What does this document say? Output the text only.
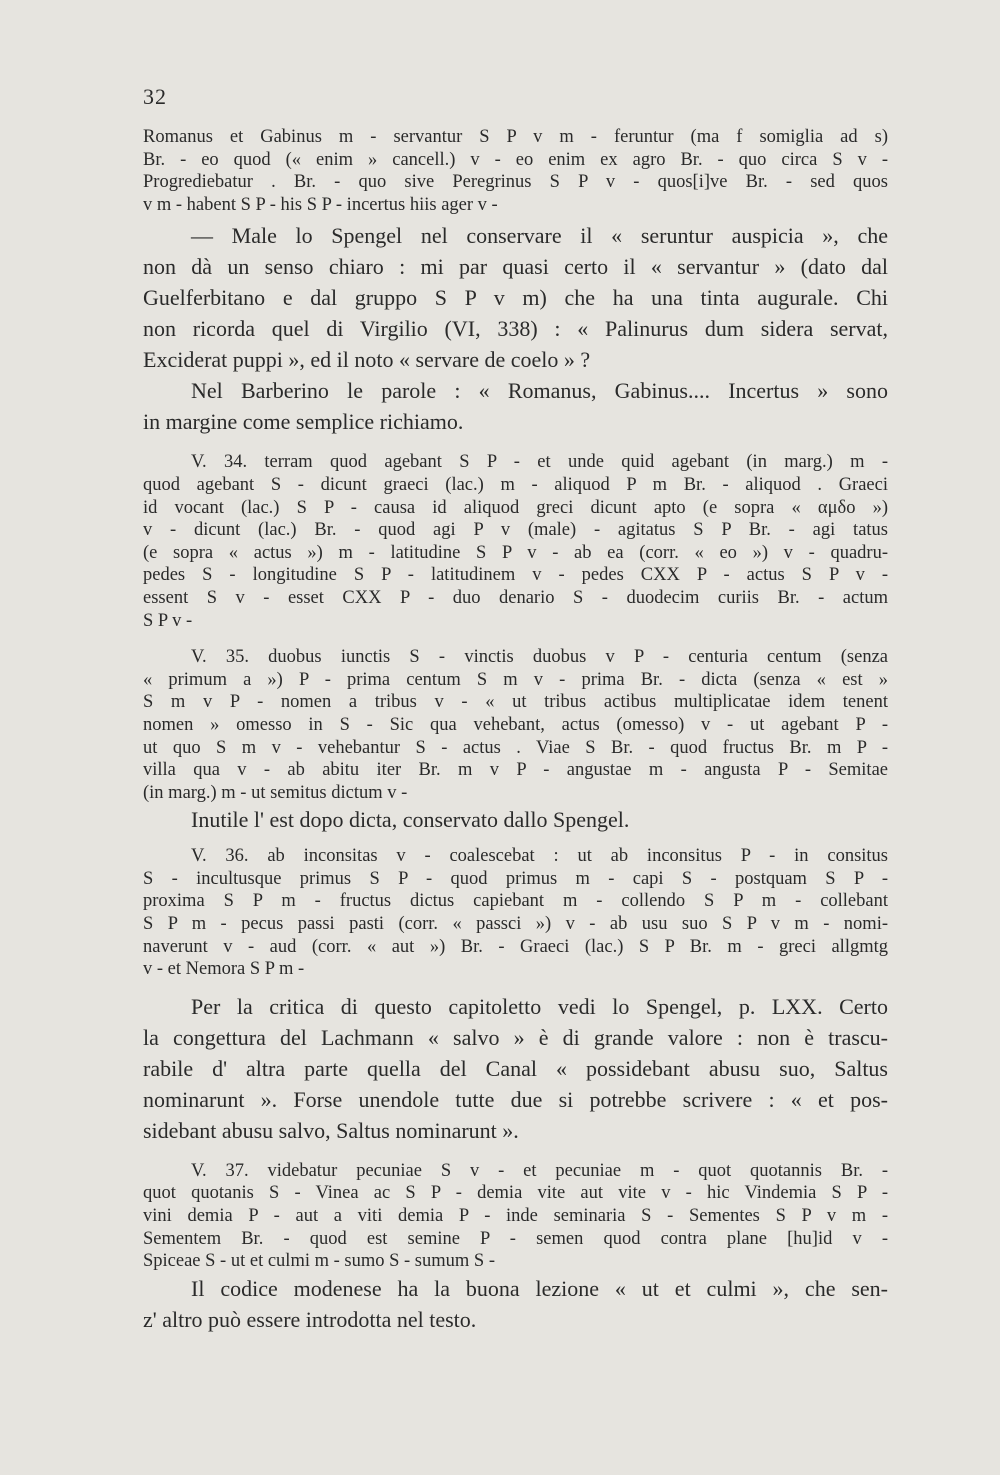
32

Romanus et Gabinus m - servantur S P v m - feruntur (ma f somiglia ad s)
Br. - eo quod (« enim » cancell.) v - eo enim ex agro Br. - quo circa S v -
Progrediebatur . Br. - quo sive Peregrinus S P v - quos[i]ve Br. - sed quos
v m - habent S P - his S P - incertus hiis ager v -

— Male lo Spengel nel conservare il « seruntur auspicia », che
non dà un senso chiaro : mi par quasi certo il « servantur » (dato dal
Guelferbitano e dal gruppo S P v m) che ha una tinta augurale. Chi
non ricorda quel di Virgilio (VI, 338) : « Palinurus dum sidera servat,
Exciderat puppi », ed il noto « servare de coelo » ?

Nel Barberino le parole : « Romanus, Gabinus.... Incertus » sono
in margine come semplice richiamo.

V. 34. terram quod agebant S P - et unde quid agebant (in marg.) m -
quod agebant S - dicunt graeci (lac.) m - aliquod P m Br. - aliquod . Graeci
id vocant (lac.) S P - causa id aliquod greci dicunt apto (e sopra « αμδο »)
v - dicunt (lac.) Br. - quod agi P v (male) - agitatus S P Br. - agi tatus
(e sopra « actus ») m - latitudine S P v - ab ea (corr. « eo ») v - quadru-
pedes S - longitudine S P - latitudinem v - pedes CXX P - actus S P v -
essent S v - esset CXX P - duo denario S - duodecim curiis Br. - actum
S P v -

V. 35. duobus iunctis S - vinctis duobus v P - centuria centum (senza
« primum a ») P - prima centum S m v - prima Br. - dicta (senza « est »
S m v P - nomen a tribus v - « ut tribus actibus multiplicatae idem tenent
nomen » omesso in S - Sic qua vehebant, actus (omesso) v - ut agebant P -
ut quo S m v - vehebantur S - actus . Viae S Br. - quod fructus Br. m P -
villa qua v - ab abitu iter Br. m v P - angustae m - angusta P - Semitae
(in marg.) m - ut semitus dictum v -

Inutile l' est dopo dicta, conservato dallo Spengel.

V. 36. ab inconsitas v - coalescebat : ut ab inconsitus P - in consitus
S - incultusque primus S P - quod primus m - capi S - postquam S P -
proxima S P m - fructus dictus capiebant m - collendo S P m - collebant
S P m - pecus passi pasti (corr. « passci ») v - ab usu suo S P v m - nomi-
naverunt v - aud (corr. « aut ») Br. - Graeci (lac.) S P Br. m - greci allgmtg
v - et Nemora S P m -

Per la critica di questo capitoletto vedi lo Spengel, p. LXX. Certo
la congettura del Lachmann « salvo » è di grande valore : non è trascu-
rabile d' altra parte quella del Canal « possidebant abusu suo, Saltus
nominarunt ». Forse unendole tutte due si potrebbe scrivere : « et pos-
sidebant abusu salvo, Saltus nominarunt ».

V. 37. videbatur pecuniae S v - et pecuniae m - quot quotannis Br. -
quot quotanis S - Vinea ac S P - demia vite aut vite v - hic Vindemia S P -
vini demia P - aut a viti demia P - inde seminaria S - Sementes S P v m -
Sementem Br. - quod est semine P - semen quod contra plane [hu]id v -
Spiceae S - ut et culmi m - sumo S - sumum S -

Il codice modenese ha la buona lezione « ut et culmi », che sen-
z' altro può essere introdotta nel testo.
